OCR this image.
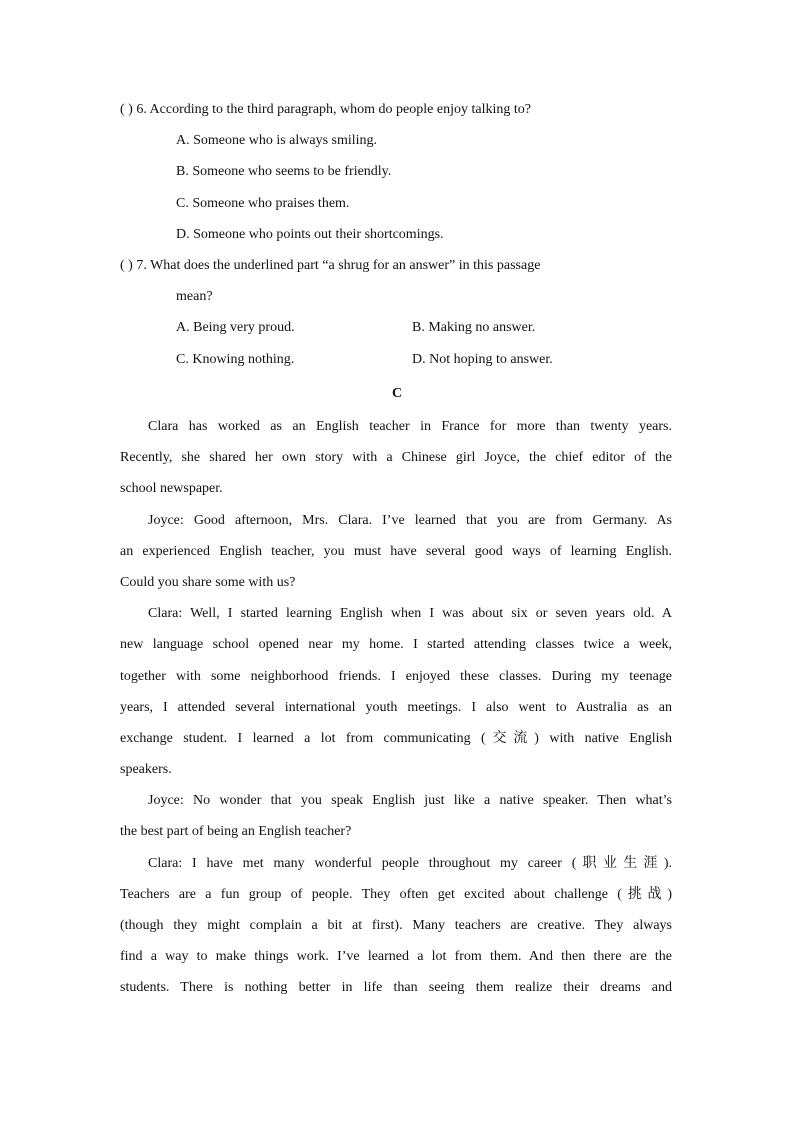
( ) 6. According to the third paragraph, whom do people enjoy talking to?
A. Someone who is always smiling.
B. Someone who seems to be friendly.
C. Someone who praises them.
D. Someone who points out their shortcomings.
( ) 7. What does the underlined part “a shrug for an answer” in this passage
mean?
A. Being very proud.	B. Making no answer.
C. Knowing nothing.	D. Not hoping to answer.
C
Clara has worked as an English teacher in France for more than twenty years.
Recently, she shared her own story with a Chinese girl Joyce, the chief editor of the
school newspaper.
Joyce: Good afternoon, Mrs. Clara. I’ve learned that you are from Germany. As
an experienced English teacher, you must have several good ways of learning English.
Could you share some with us?
Clara: Well, I started learning English when I was about six or seven years old. A
new language school opened near my home. I started attending classes twice a week,
together with some neighborhood friends. I enjoyed these classes. During my teenage
years, I attended several international youth meetings. I also went to Australia as an
exchange student. I learned a lot from communicating (交流) with native English
speakers.
Joyce: No wonder that you speak English just like a native speaker. Then what’s
the best part of being an English teacher?
Clara: I have met many wonderful people throughout my career (职业生涯).
Teachers are a fun group of people. They often get excited about challenge (挑战)
(though they might complain a bit at first). Many teachers are creative. They always
find a way to make things work. I’ve learned a lot from them. And then there are the
students. There is nothing better in life than seeing them realize their dreams and
